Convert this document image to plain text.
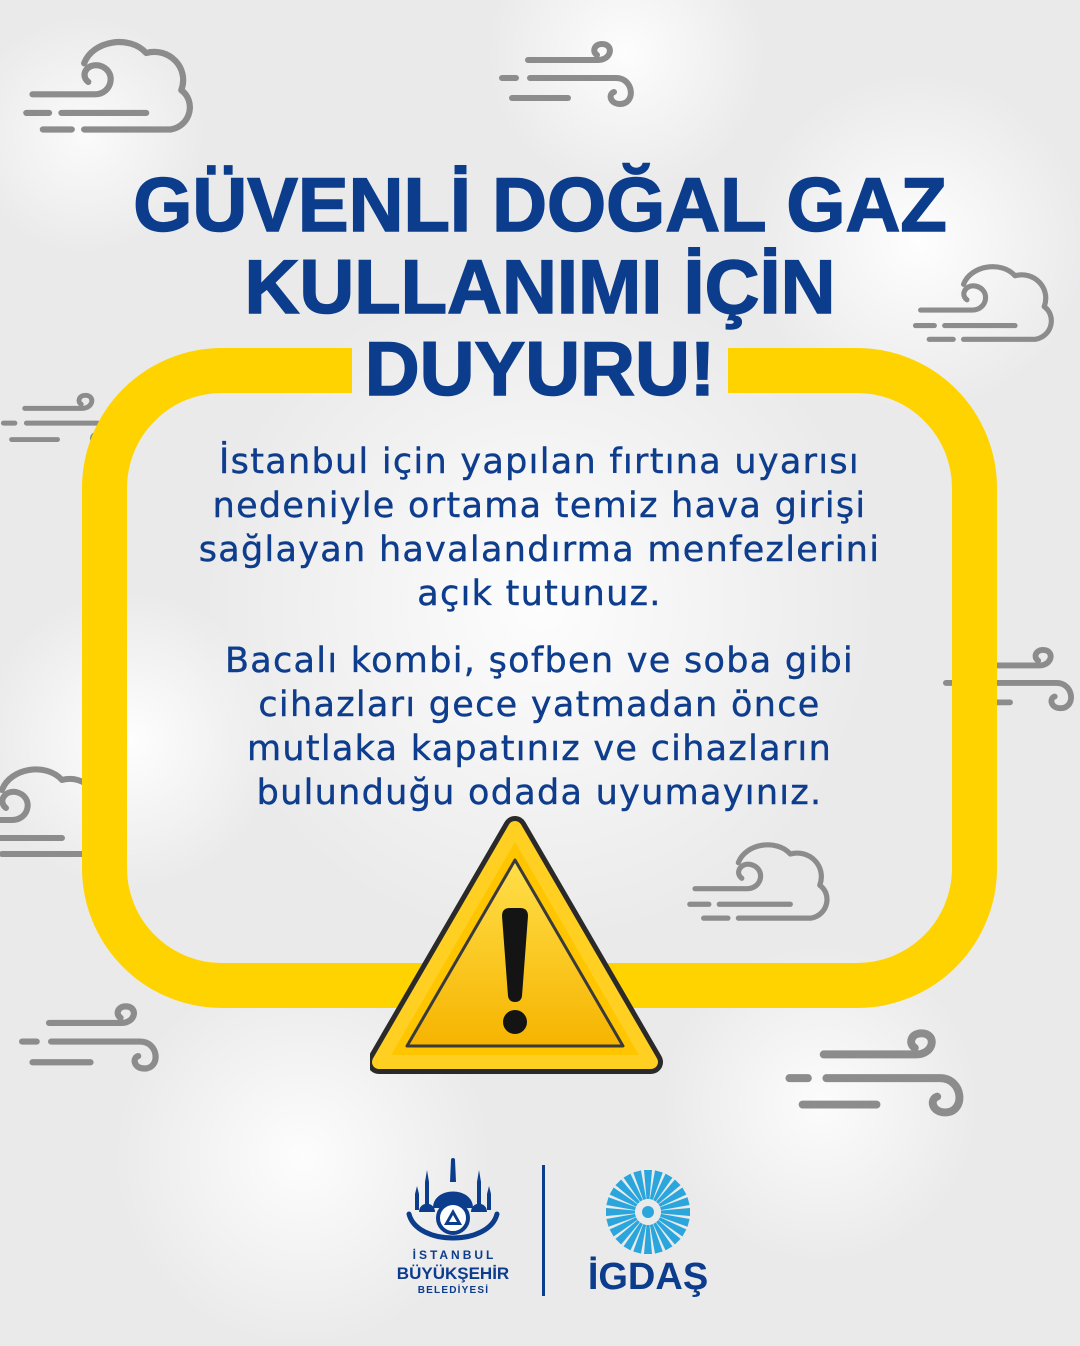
GÜVENLİ DOĞAL GAZ
KULLANIMI İÇİN
DUYURU!
İstanbul için yapılan fırtına uyarısı
nedeniyle ortama temiz hava girişi
sağlayan havalandırma menfezlerini
açık tutunuz.
Bacalı kombi, şofben ve soba gibi
cihazları gece yatmadan önce
mutlaka kapatınız ve cihazların
bulunduğu odada uyumayınız.
İSTANBUL
BÜYÜKŞEHİR
BELEDİYESİ	İGDAŞ
